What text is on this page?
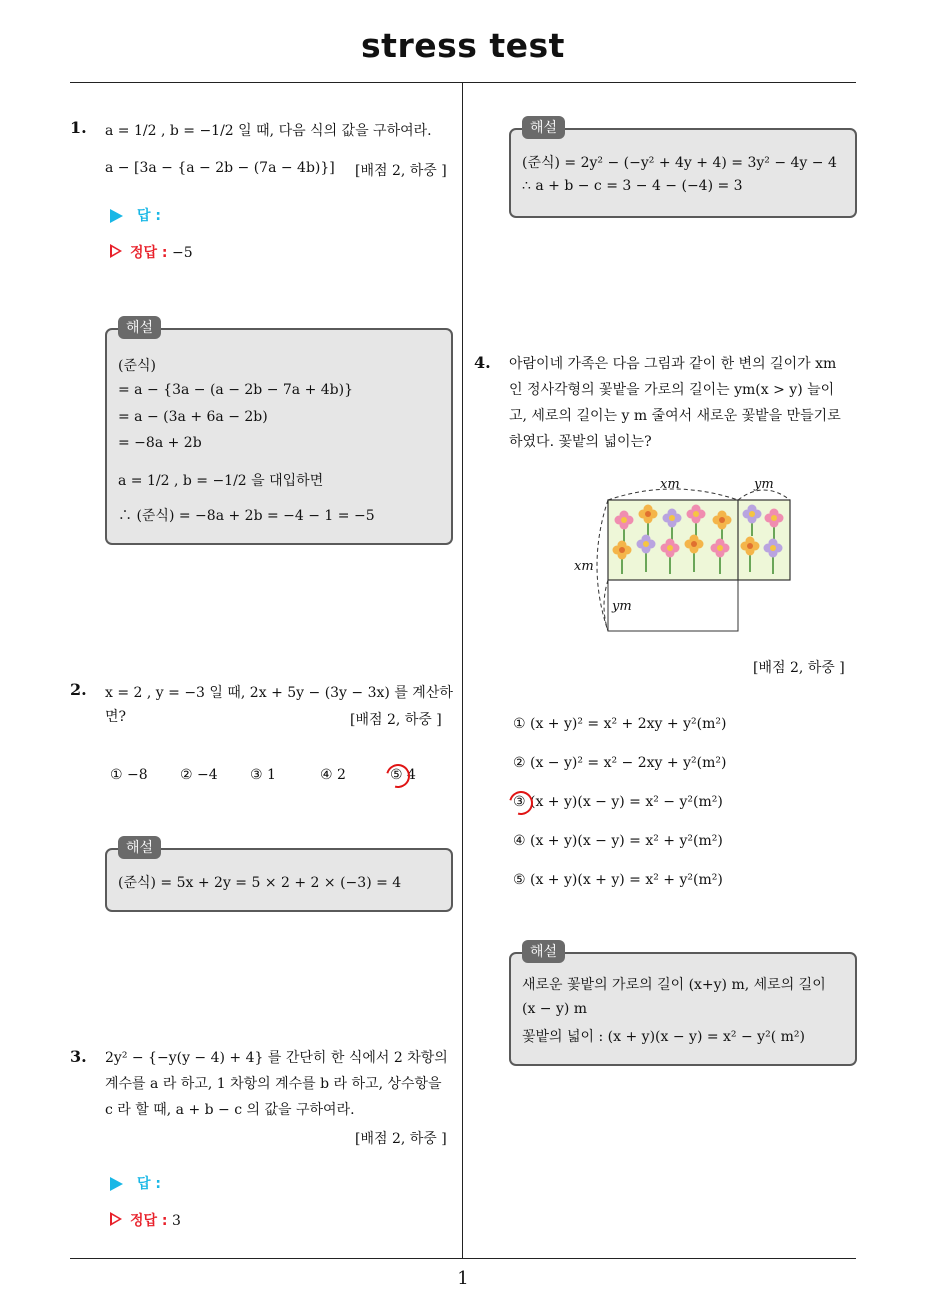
stress test
1. a = 1/2 , b = −1/2 일 때, 다음 식의 값을 구하여라.
a − [3a − {a − 2b − (7a − 4b)}] [배점 2, 하중 ]
답 :
정답 : −5
해설
(준식)
= a − {3a − (a − 2b − 7a + 4b)}
= a − (3a + 6a − 2b)
= −8a + 2b
a = 1/2 , b = −1/2 을 대입하면
∴ (준식) = −8a + 2b = −4 − 1 = −5
2. x = 2 , y = −3 일 때, 2x + 5y − (3y − 3x) 를 계산하
면?	[배점 2, 하중 ]
① −8 ② −4 ③ 1	④ 2	⑤ 4
해설
(준식) = 5x + 2y = 5 × 2 + 2 × (−3) = 4
3. 2y² − {−y(y − 4) + 4} 를 간단히 한 식에서 2 차항의
계수를 a 라 하고, 1 차항의 계수를 b 라 하고, 상수항을
c 라 할 때, a + b − c 의 값을 구하여라.
[배점 2, 하중 ]
답 :
정답 : 3
해설
(준식) = 2y² − (−y² + 4y + 4) = 3y² − 4y − 4
∴ a + b − c = 3 − 4 − (−4) = 3
4. 아람이네 가족은 다음 그림과 같이 한 변의 길이가 xm
인 정사각형의 꽃밭을 가로의 길이는 ym(x > y) 늘이
고, 세로의 길이는 y m 줄여서 새로운 꽃밭을 만들기로
하였다. 꽃밭의 넓이는?
xm	ym
xm
ym
[배점 2, 하중 ]
① (x + y)² = x² + 2xy + y²(m²)
② (x − y)² = x² − 2xy + y²(m²)
③ (x + y)(x − y) = x² − y²(m²)
④ (x + y)(x − y) = x² + y²(m²)
⑤ (x + y)(x + y) = x² + y²(m²)
해설
새로운 꽃밭의 가로의 길이 (x+y) m, 세로의 길이
(x − y) m
꽃밭의 넓이 : (x + y)(x − y) = x² − y²( m²)
1
